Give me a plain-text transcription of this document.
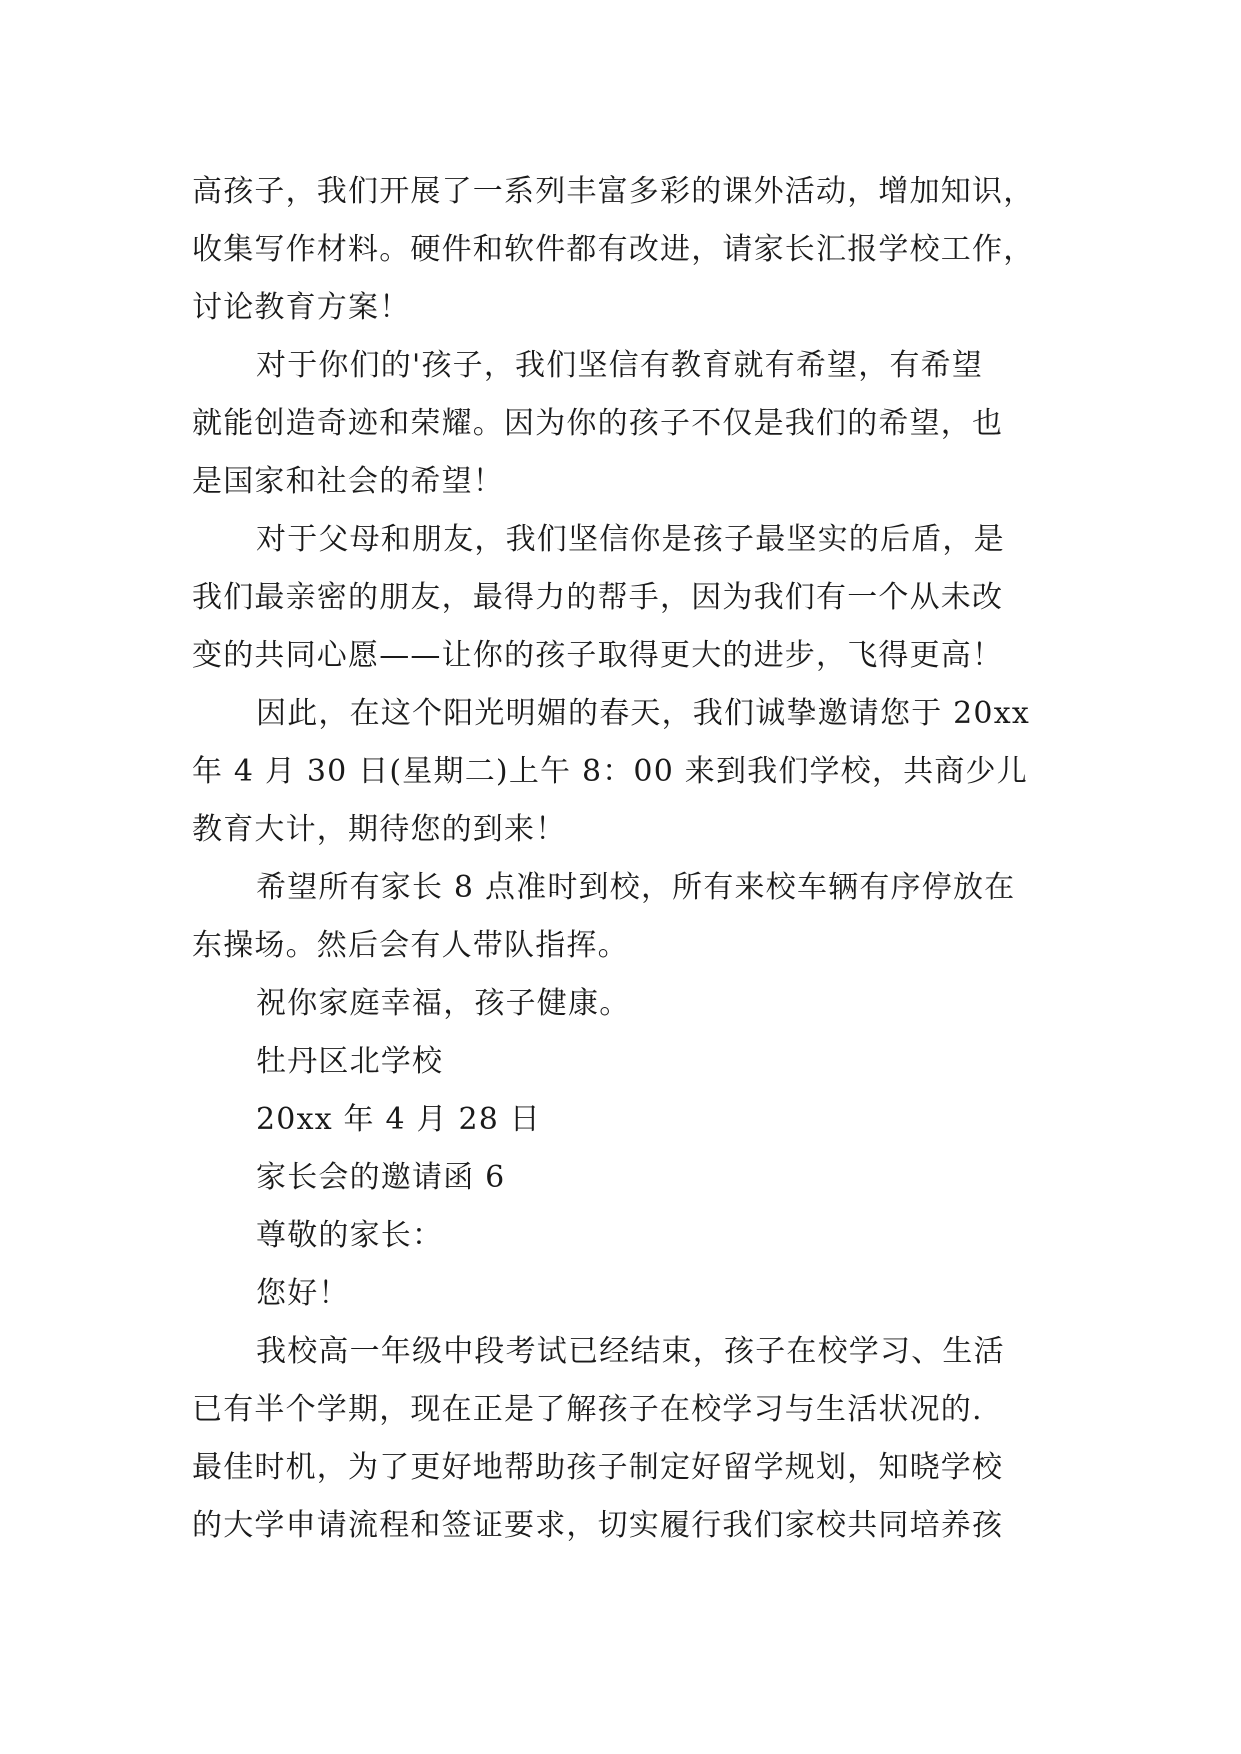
高孩子，我们开展了一系列丰富多彩的课外活动，增加知识，
收集写作材料。硬件和软件都有改进，请家长汇报学校工作，
讨论教育方案！
对于你们的'孩子，我们坚信有教育就有希望，有希望
就能创造奇迹和荣耀。因为你的孩子不仅是我们的希望，也
是国家和社会的希望！
对于父母和朋友，我们坚信你是孩子最坚实的后盾，是
我们最亲密的朋友，最得力的帮手，因为我们有一个从未改
变的共同心愿——让你的孩子取得更大的进步，飞得更高！
因此，在这个阳光明媚的春天，我们诚挚邀请您于 20xx
年 4 月 30 日(星期二)上午 8：00 来到我们学校，共商少儿
教育大计，期待您的到来！
希望所有家长 8 点准时到校，所有来校车辆有序停放在
东操场。然后会有人带队指挥。
祝你家庭幸福，孩子健康。
牡丹区北学校
20xx 年 4 月 28 日
家长会的邀请函 6
尊敬的家长：
您好！
我校高一年级中段考试已经结束，孩子在校学习、生活
已有半个学期，现在正是了解孩子在校学习与生活状况的.
最佳时机，为了更好地帮助孩子制定好留学规划，知晓学校
的大学申请流程和签证要求，切实履行我们家校共同培养孩
